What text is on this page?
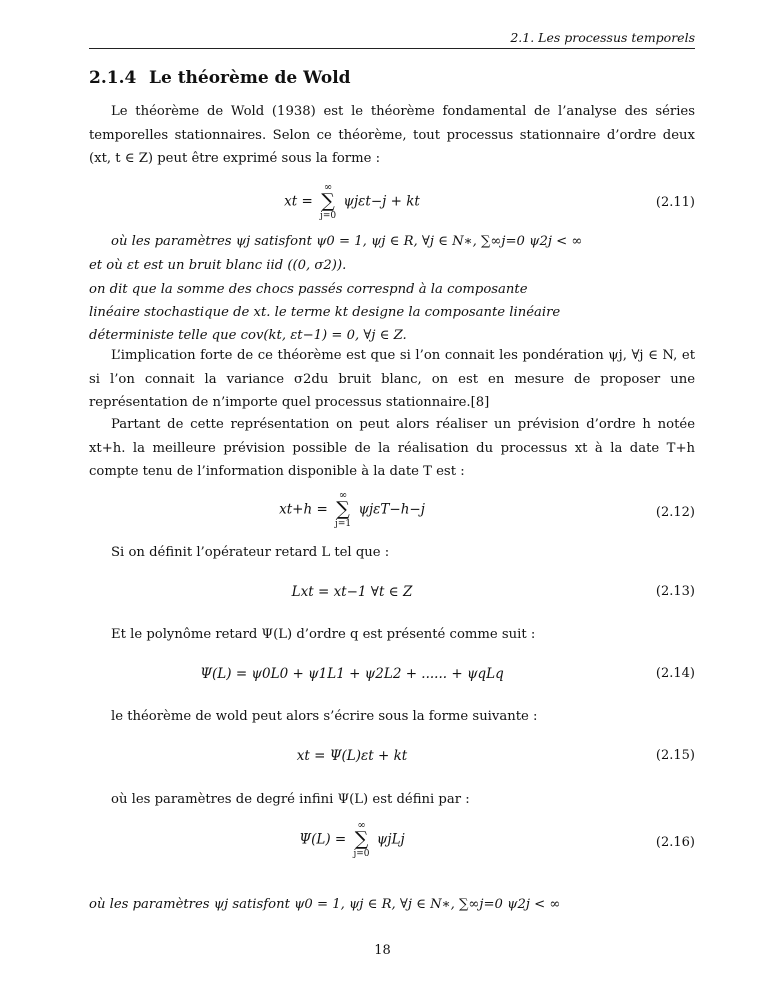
2.1. Les processus temporels
2.1.4 Le théorème de Wold
Le théorème de Wold (1938) est le théorème fondamental de l’analyse des séries temporelles stationnaires. Selon ce théorème, tout processus stationnaire d’ordre deux (xt, t ∈ Z) peut être exprimé sous la forme :
xt =
∞
∑
j=0
ψjεt−j + kt	(2.11)
où les paramètres ψj satisfont ψ0 = 1, ψj ∈ R, ∀j ∈ N∗, ∑∞j=0 ψ2j < ∞
et où εt est un bruit blanc iid ((0, σ2)).
on dit que la somme des chocs passés correspnd à la composante
linéaire stochastique de xt. le terme kt designe la composante linéaire
déterministe telle que cov(kt, εt−1) = 0, ∀j ∈ Z.
L’implication forte de ce théorème est que si l’on connait les pondération ψj, ∀j ∈ N, et si l’on connait la variance σ2du bruit blanc, on est en mesure de proposer une représentation de n’importe quel processus stationnaire.[8]
Partant de cette représentation on peut alors réaliser un prévision d’ordre h notée xt+h. la meilleure prévision possible de la réalisation du processus xt à la date T+h compte tenu de l’information disponible à la date T est :
xt+h =
∞
∑
j=1
ψjεT−h−j	(2.12)
Si on définit l’opérateur retard L tel que :
Lxt = xt−1 ∀t ∈ Z	(2.13)
Et le polynôme retard Ψ(L) d’ordre q est présenté comme suit :
Ψ(L) = ψ0L0 + ψ1L1 + ψ2L2 + ...... + ψqLq	(2.14)
le théorème de wold peut alors s’écrire sous la forme suivante :
xt = Ψ(L)εt + kt	(2.15)
où les paramètres de degré infini Ψ(L) est défini par :
Ψ(L) =
∞
∑
j=0
ψjLj	(2.16)
où les paramètres ψj satisfont ψ0 = 1, ψj ∈ R, ∀j ∈ N∗, ∑∞j=0 ψ2j < ∞
18
